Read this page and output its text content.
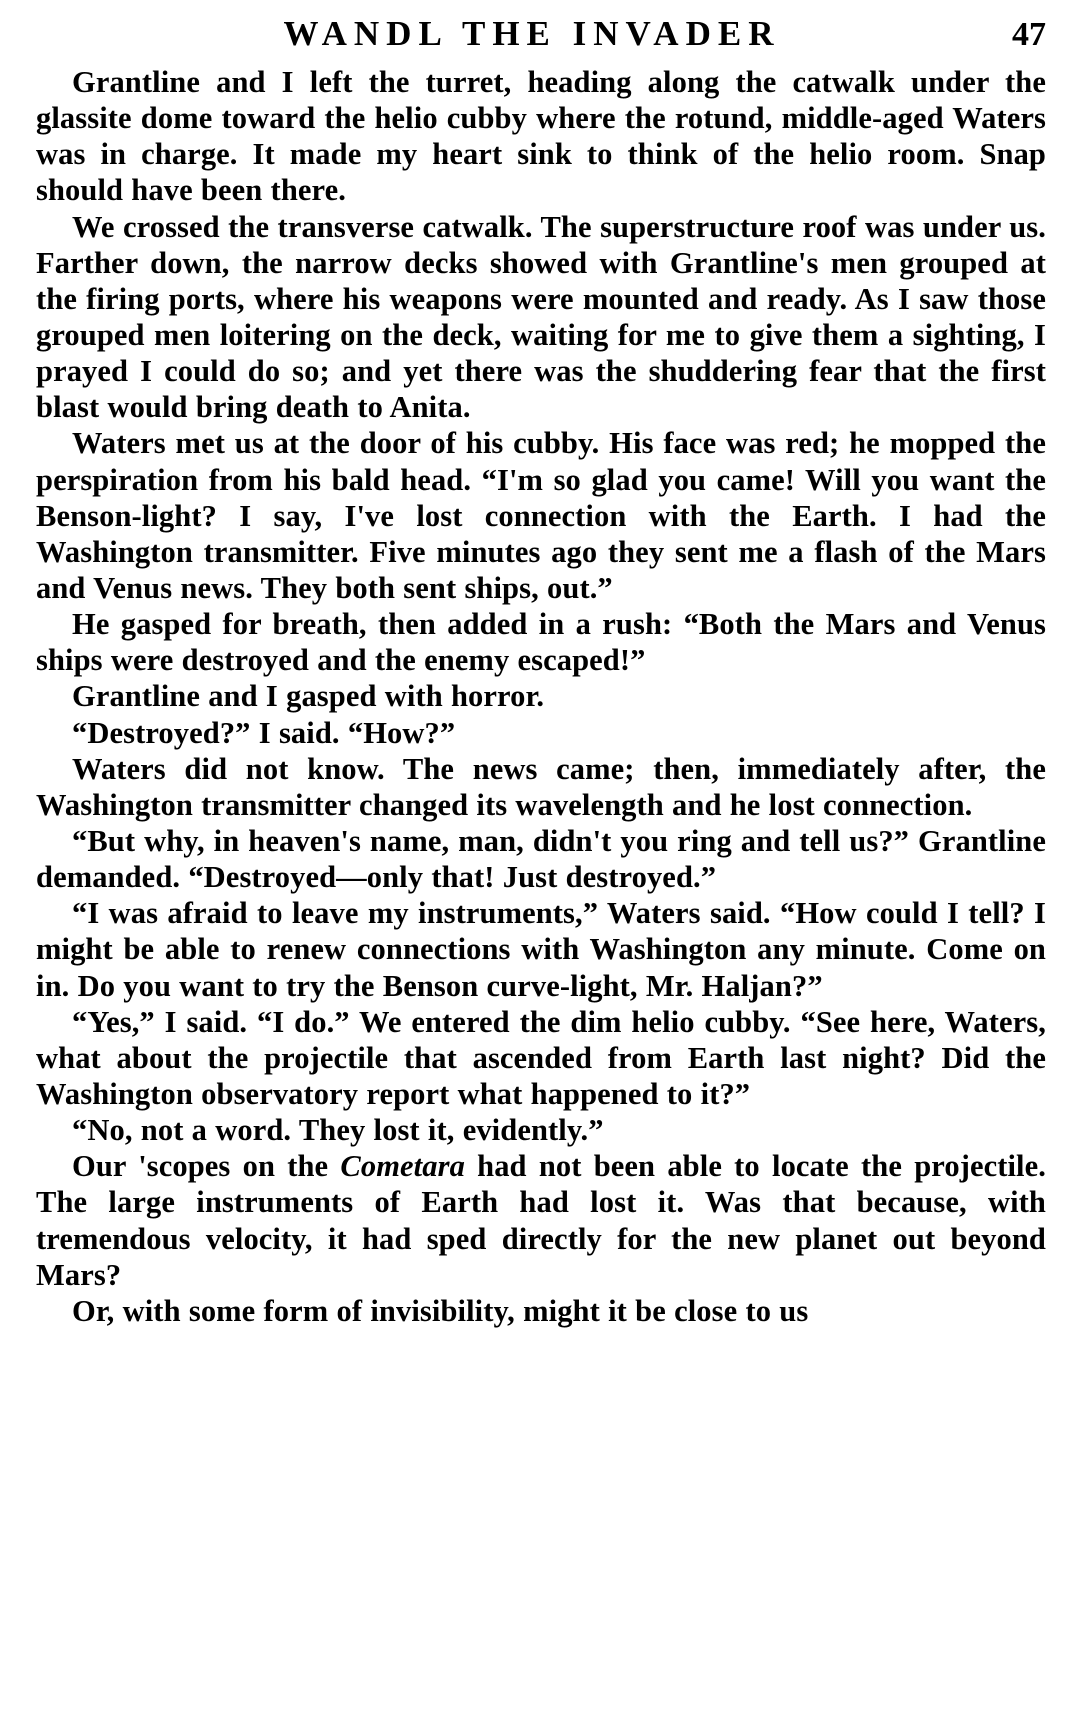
WANDL THE INVADER	47

Grantline and I left the turret, heading along the catwalk under the glassite dome toward the helio cubby where the rotund, middle-aged Waters was in charge. It made my heart sink to think of the helio room. Snap should have been there.

We crossed the transverse catwalk. The superstructure roof was under us. Farther down, the narrow decks showed with Grantline's men grouped at the firing ports, where his weapons were mounted and ready. As I saw those grouped men loitering on the deck, waiting for me to give them a sighting, I prayed I could do so; and yet there was the shuddering fear that the first blast would bring death to Anita.

Waters met us at the door of his cubby. His face was red; he mopped the perspiration from his bald head. “I'm so glad you came! Will you want the Benson-light? I say, I've lost connection with the Earth. I had the Washington transmitter. Five minutes ago they sent me a flash of the Mars and Venus news. They both sent ships, out.”

He gasped for breath, then added in a rush: “Both the Mars and Venus ships were destroyed and the enemy escaped!”

Grantline and I gasped with horror.

“Destroyed?” I said. “How?”

Waters did not know. The news came; then, immediately after, the Washington transmitter changed its wavelength and he lost connection.

“But why, in heaven's name, man, didn't you ring and tell us?” Grantline demanded. “Destroyed—only that! Just destroyed.”

“I was afraid to leave my instruments,” Waters said. “How could I tell? I might be able to renew connections with Washington any minute. Come on in. Do you want to try the Benson curve-light, Mr. Haljan?”

“Yes,” I said. “I do.” We entered the dim helio cubby. “See here, Waters, what about the projectile that ascended from Earth last night? Did the Washington observatory report what happened to it?”

“No, not a word. They lost it, evidently.”

Our 'scopes on the Cometara had not been able to locate the projectile. The large instruments of Earth had lost it. Was that because, with tremendous velocity, it had sped directly for the new planet out beyond Mars?

Or, with some form of invisibility, might it be close to us
